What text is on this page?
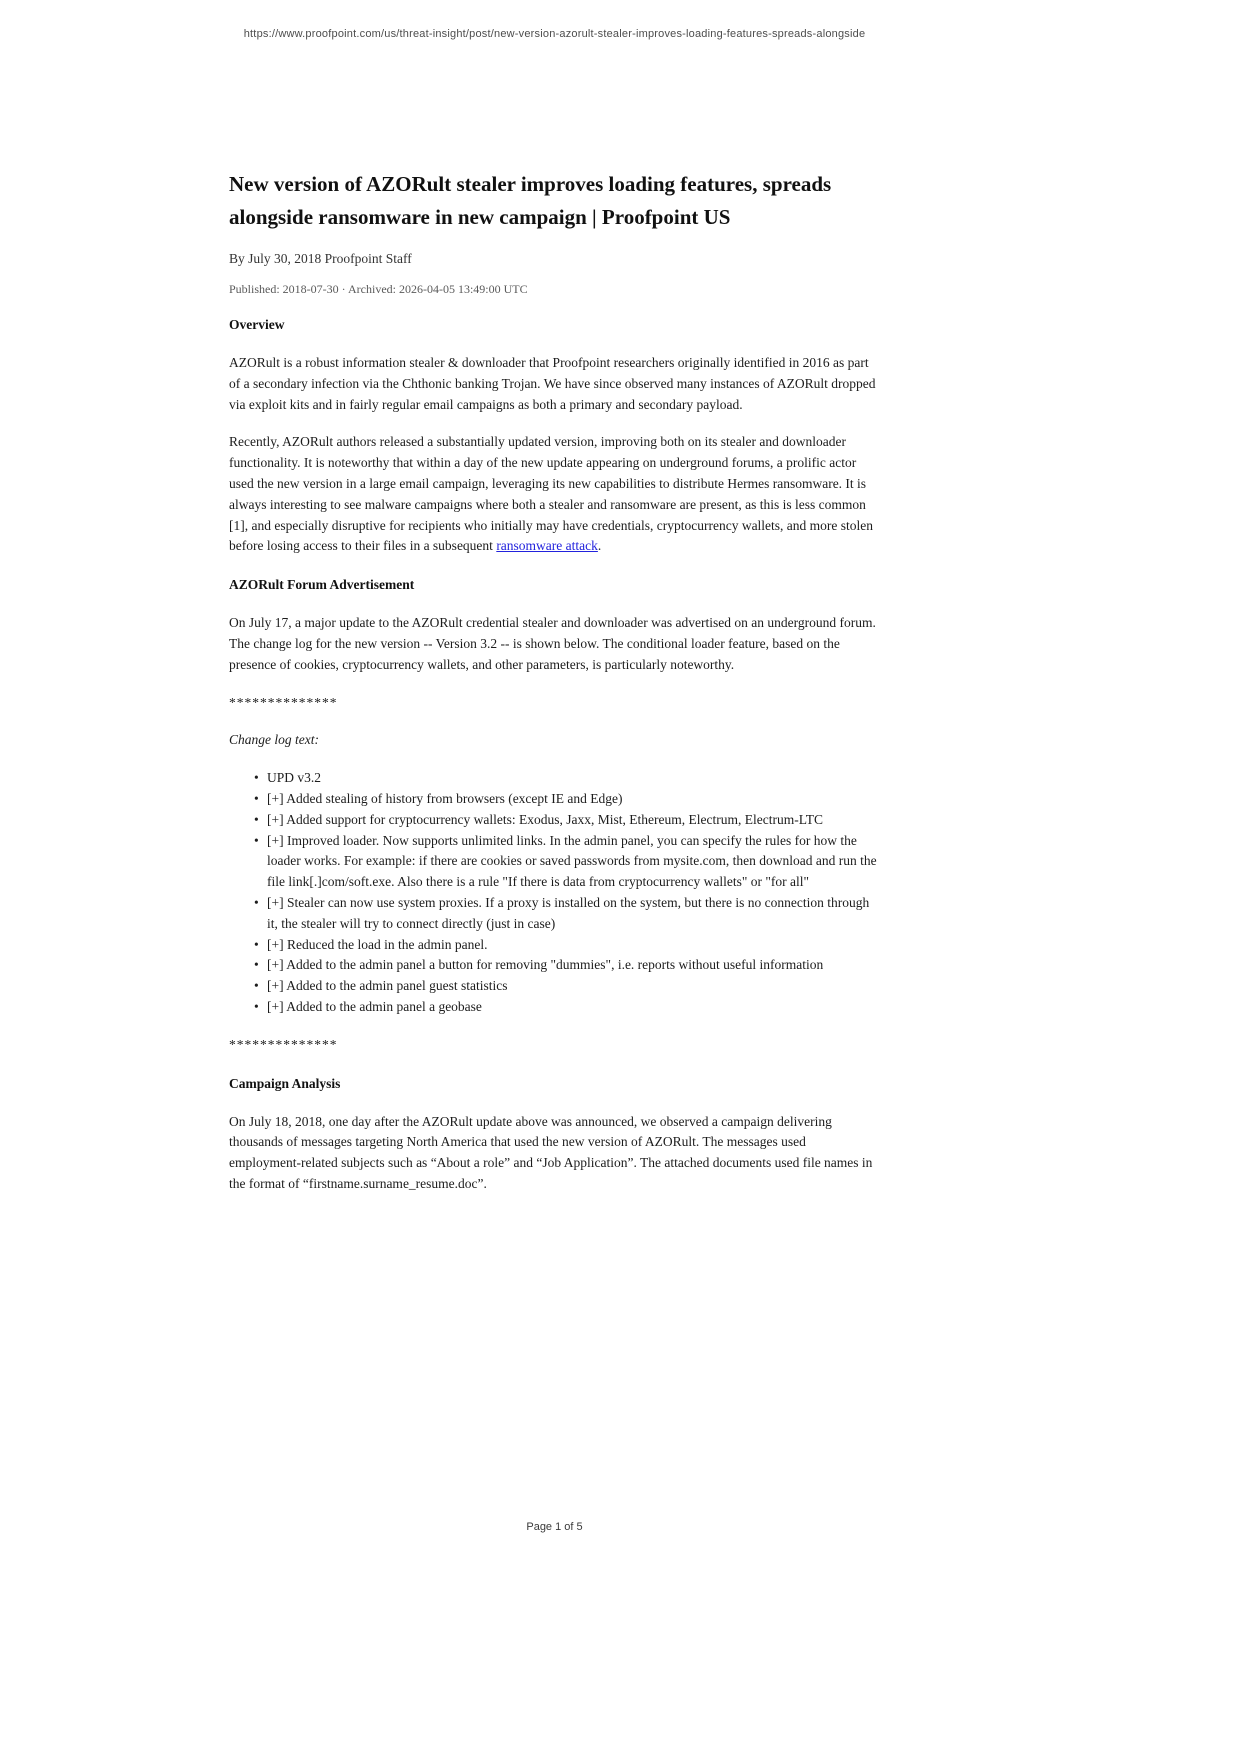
https://www.proofpoint.com/us/threat-insight/post/new-version-azorult-stealer-improves-loading-features-spreads-alongside
New version of AZORult stealer improves loading features, spreads alongside ransomware in new campaign | Proofpoint US
By July 30, 2018 Proofpoint Staff
Published: 2018-07-30 · Archived: 2026-04-05 13:49:00 UTC
Overview

AZORult is a robust information stealer & downloader that Proofpoint researchers originally identified in 2016 as part of a secondary infection via the Chthonic banking Trojan. We have since observed many instances of AZORult dropped via exploit kits and in fairly regular email campaigns as both a primary and secondary payload.

Recently, AZORult authors released a substantially updated version, improving both on its stealer and downloader functionality. It is noteworthy that within a day of the new update appearing on underground forums, a prolific actor used the new version in a large email campaign, leveraging its new capabilities to distribute Hermes ransomware. It is always interesting to see malware campaigns where both a stealer and ransomware are present, as this is less common [1], and especially disruptive for recipients who initially may have credentials, cryptocurrency wallets, and more stolen before losing access to their files in a subsequent ransomware attack.

AZORult Forum Advertisement

On July 17, a major update to the AZORult credential stealer and downloader was advertised on an underground forum. The change log for the new version -- Version 3.2 -- is shown below. The conditional loader feature, based on the presence of cookies, cryptocurrency wallets, and other parameters, is particularly noteworthy.

**************
Change log text:
• UPD v3.2
• [+] Added stealing of history from browsers (except IE and Edge)
• [+] Added support for cryptocurrency wallets: Exodus, Jaxx, Mist, Ethereum, Electrum, Electrum-LTC
• [+] Improved loader. Now supports unlimited links. In the admin panel, you can specify the rules for how the loader works. For example: if there are cookies or saved passwords from mysite.com, then download and run the file link[.]com/soft.exe. Also there is a rule "If there is data from cryptocurrency wallets" or "for all"
• [+] Stealer can now use system proxies. If a proxy is installed on the system, but there is no connection through it, the stealer will try to connect directly (just in case)
• [+] Reduced the load in the admin panel.
• [+] Added to the admin panel a button for removing "dummies", i.e. reports without useful information
• [+] Added to the admin panel guest statistics
• [+] Added to the admin panel a geobase
**************
Campaign Analysis

On July 18, 2018, one day after the AZORult update above was announced, we observed a campaign delivering thousands of messages targeting North America that used the new version of AZORult. The messages used employment-related subjects such as “About a role” and “Job Application”. The attached documents used file names in the format of “firstname.surname_resume.doc”.

Page 1 of 5
